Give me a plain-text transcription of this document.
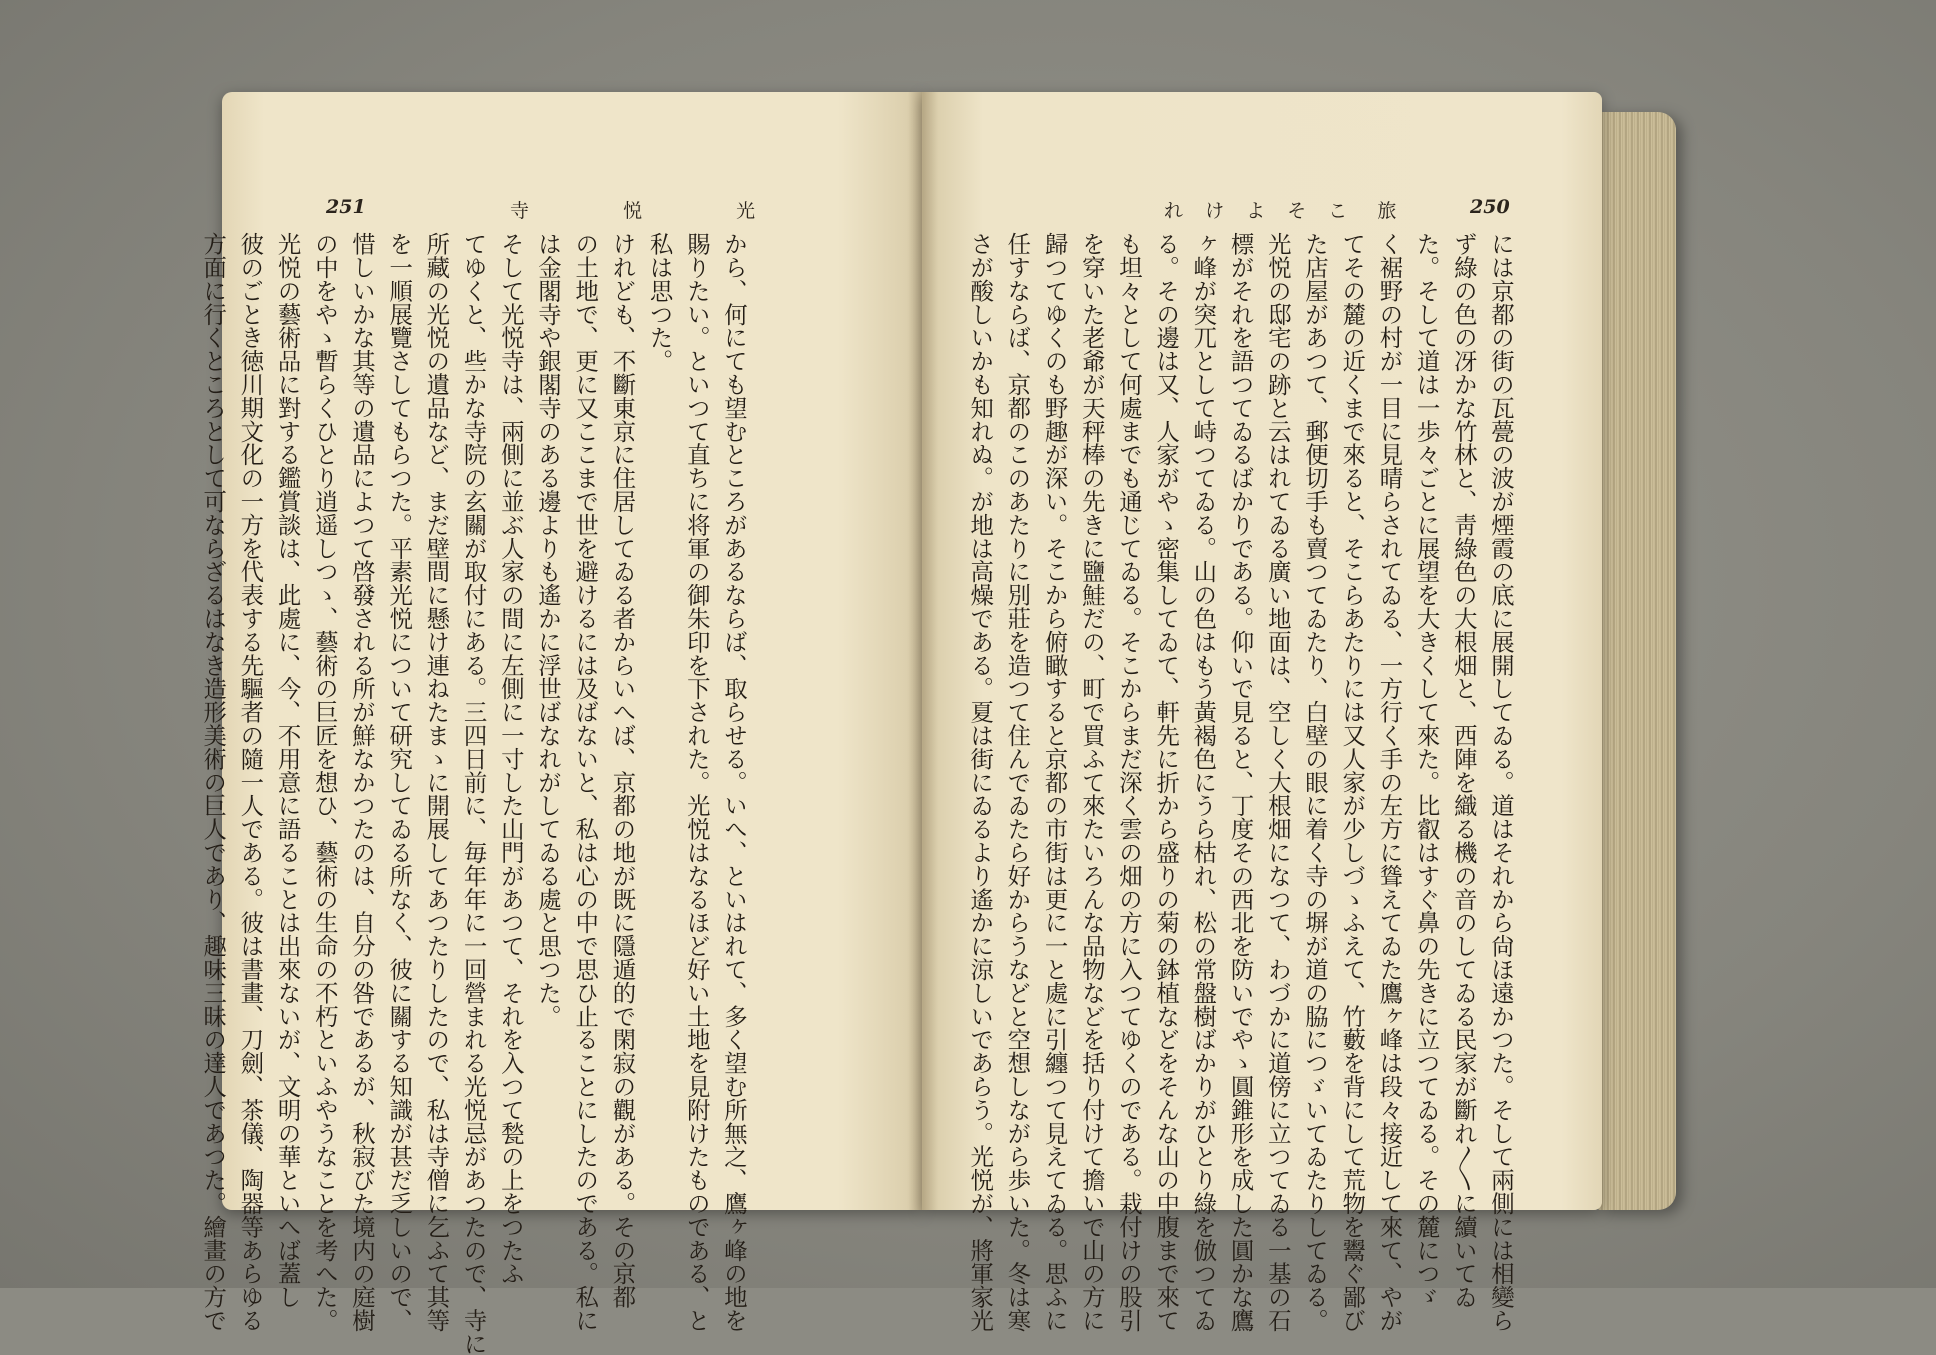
251	寺	悦	光	れ け よ そ こ 旅	250
から、何にても望むところがあるならば、取らせる。いへ、といはれて、多く望む所無之、鷹ヶ峰の地を
賜りたい。といつて直ちに将軍の御朱印を下された。光悦はなるほど好い土地を見附けたものである、と
私は思つた。
けれども、不斷東京に住居してゐる者からいへば、京都の地が既に隱遁的で閑寂の觀がある。その京都
の土地で、更に又ここまで世を避けるには及ばないと、私は心の中で思ひ止ることにしたのである。私に
は金閣寺や銀閣寺のある邊よりも遙かに浮世ばなれがしてゐる處と思つた。
そして光悦寺は、兩側に並ぶ人家の間に左側に一寸した山門があつて、それを入つて甃の上をつたふ
てゆくと、些かな寺院の玄關が取付にある。三四日前に、毎年年に一回營まれる光悦忌があつたので、寺に
所藏の光悦の遺品など、まだ壁間に懸け連ねたまゝに開展してあつたりしたので、私は寺僧に乞ふて其等
を一順展覽さしてもらつた。平素光悦について研究してゐる所なく、彼に關する知識が甚だ乏しいので、
惜しいかな其等の遺品によつて啓發される所が鮮なかつたのは、自分の咎であるが、秋寂びた境内の庭樹
の中をやゝ暫らくひとり逍遥しつゝ、藝術の巨匠を想ひ、藝術の生命の不朽といふやうなことを考へた。
光悦の藝術品に對する鑑賞談は、此處に、今、不用意に語ることは出來ないが、文明の華といへば蓋し
彼のごとき徳川期文化の一方を代表する先驅者の隨一人である。彼は書畫、刀劍、茶儀、陶器等あらゆる
方面に行くところとして可ならざるはなき造形美術の巨人であり、趣味三昧の達人であつた。繪畫の方で	には京都の街の瓦甍の波が煙霞の底に展開してゐる。道はそれから尙ほ遠かつた。そして兩側には相變ら
ず綠の色の冴かな竹林と、靑綠色の大根畑と、西陣を織る機の音のしてゐる民家が斷れ〳〵に續いてゐ
た。そして道は一歩々ごとに展望を大きくして來た。比叡はすぐ鼻の先きに立つてゐる。その麓につゞ
く裾野の村が一目に見晴らされてゐる、一方行く手の左方に聳えてゐた鷹ヶ峰は段々接近して來て、やが
てその麓の近くまで來ると、そこらあたりには又人家が少しづゝふえて、竹藪を背にして荒物を鬻ぐ鄙び
た店屋があつて、郵便切手も賣つてゐたり、白壁の眼に着く寺の塀が道の脇につゞいてゐたりしてゐる。
光悦の邸宅の跡と云はれてゐる廣い地面は、空しく大根畑になつて、わづかに道傍に立つてゐる一基の石
標がそれを語つてゐるばかりである。仰いで見ると、丁度その西北を防いでやゝ圓錐形を成した圓かな鷹
ヶ峰が突兀として峙つてゐる。山の色はもう黃褐色にうら枯れ、松の常盤樹ばかりがひとり綠を倣つてゐ
る。その邊は又、人家がやゝ密集してゐて、軒先に折から盛りの菊の鉢植などをそんな山の中腹まで來て
も坦々として何處までも通じてゐる。そこからまだ深く雲の畑の方に入つてゆくのである。栽付けの股引
を穿いた老爺が天秤棒の先きに鹽鮭だの、町で買ふて來たいろんな品物などを括り付けて擔いで山の方に
歸つてゆくのも野趣が深い。そこから俯瞰すると京都の市街は更に一と處に引纏つて見えてゐる。思ふに
任すならば、京都のこのあたりに別莊を造つて住んでゐたら好からうなどと空想しながら歩いた。冬は寒
さが酸しいかも知れぬ。が地は高燥である。夏は街にゐるより遙かに涼しいであらう。光悦が、將軍家光
